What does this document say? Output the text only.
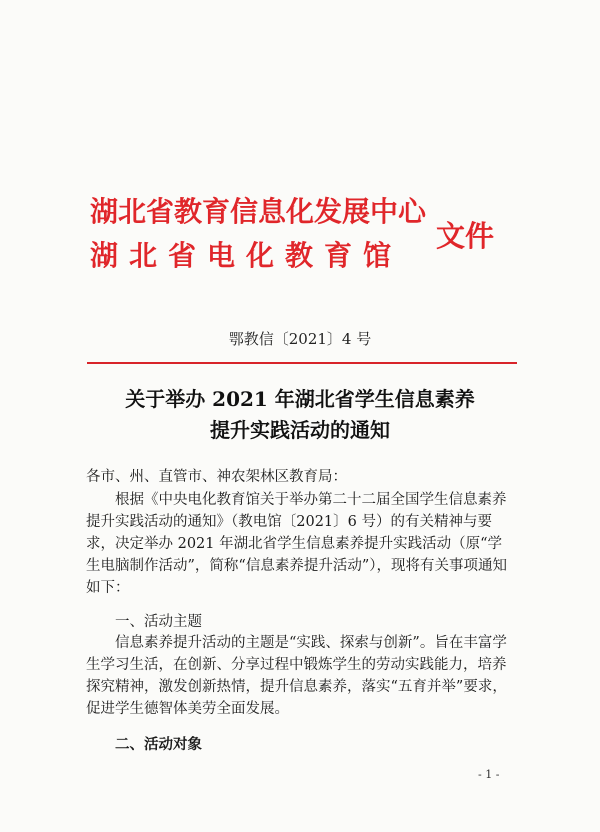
湖北省教育信息化发展中心
湖北省电化教育馆
文件
鄂教信〔2021〕4 号
关于举办 2021 年湖北省学生信息素养
提升实践活动的通知
各市、州、直管市、神农架林区教育局：

根据《中央电化教育馆关于举办第二十二届全国学生信息素养提升实践活动的通知》（教电馆〔2021〕6 号）的有关精神与要求，决定举办 2021 年湖北省学生信息素养提升实践活动（原“学生电脑制作活动”，简称“信息素养提升活动”），现将有关事项通知如下：

一、活动主题

信息素养提升活动的主题是“实践、探索与创新”。旨在丰富学生学习生活，在创新、分享过程中锻炼学生的劳动实践能力，培养探究精神，激发创新热情，提升信息素养，落实“五育并举”要求，促进学生德智体美劳全面发展。

二、活动对象
- 1 -
